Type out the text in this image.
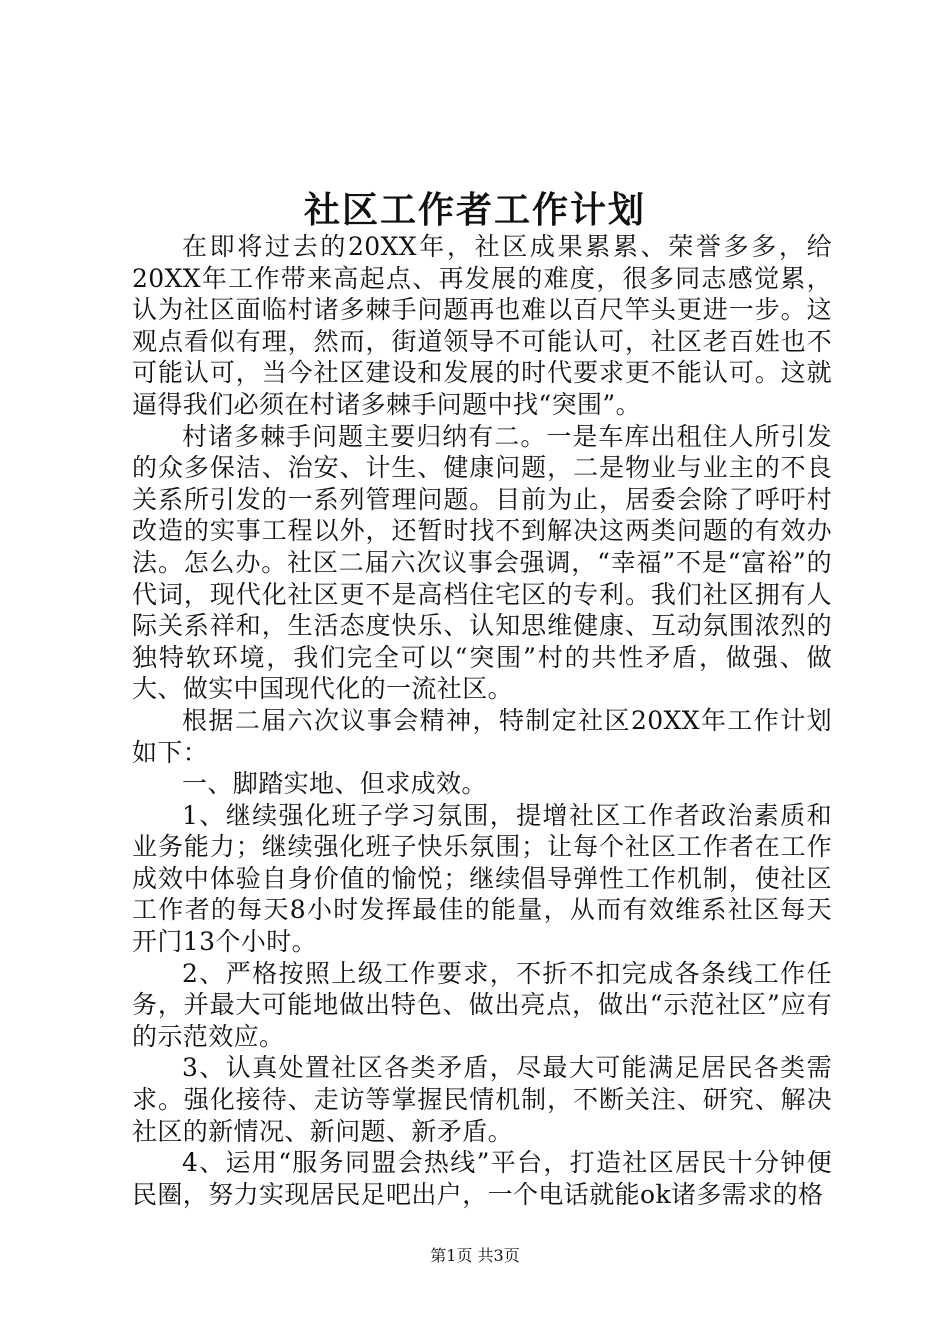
社区工作者工作计划

在即将过去的20XX年，社区成果累累、荣誉多多，给20XX年工作带来高起点、再发展的难度，很多同志感觉累，认为社区面临村诸多棘手问题再也难以百尺竿头更进一步。这观点看似有理，然而，街道领导不可能认可，社区老百姓也不可能认可，当今社区建设和发展的时代要求更不能认可。这就逼得我们必须在村诸多棘手问题中找“突围”。

村诸多棘手问题主要归纳有二。一是车库出租住人所引发的众多保洁、治安、计生、健康问题，二是物业与业主的不良关系所引发的一系列管理问题。目前为止，居委会除了呼吁村改造的实事工程以外，还暂时找不到解决这两类问题的有效办法。怎么办。社区二届六次议事会强调，“幸福”不是“富裕”的代词，现代化社区更不是高档住宅区的专利。我们社区拥有人际关系祥和，生活态度快乐、认知思维健康、互动氛围浓烈的独特软环境，我们完全可以“突围”村的共性矛盾，做强、做大、做实中国现代化的一流社区。

根据二届六次议事会精神，特制定社区20XX年工作计划如下：

一、脚踏实地、但求成效。

1、继续强化班子学习氛围，提增社区工作者政治素质和业务能力；继续强化班子快乐氛围；让每个社区工作者在工作成效中体验自身价值的愉悦；继续倡导弹性工作机制，使社区工作者的每天8小时发挥最佳的能量，从而有效维系社区每天开门13个小时。

2、严格按照上级工作要求，不折不扣完成各条线工作任务，并最大可能地做出特色、做出亮点，做出“示范社区”应有的示范效应。

3、认真处置社区各类矛盾，尽最大可能满足居民各类需求。强化接待、走访等掌握民情机制，不断关注、研究、解决社区的新情况、新问题、新矛盾。

4、运用“服务同盟会热线”平台，打造社区居民十分钟便民圈，努力实现居民足吧出户，一个电话就能ok诸多需求的格

第1页 共3页
